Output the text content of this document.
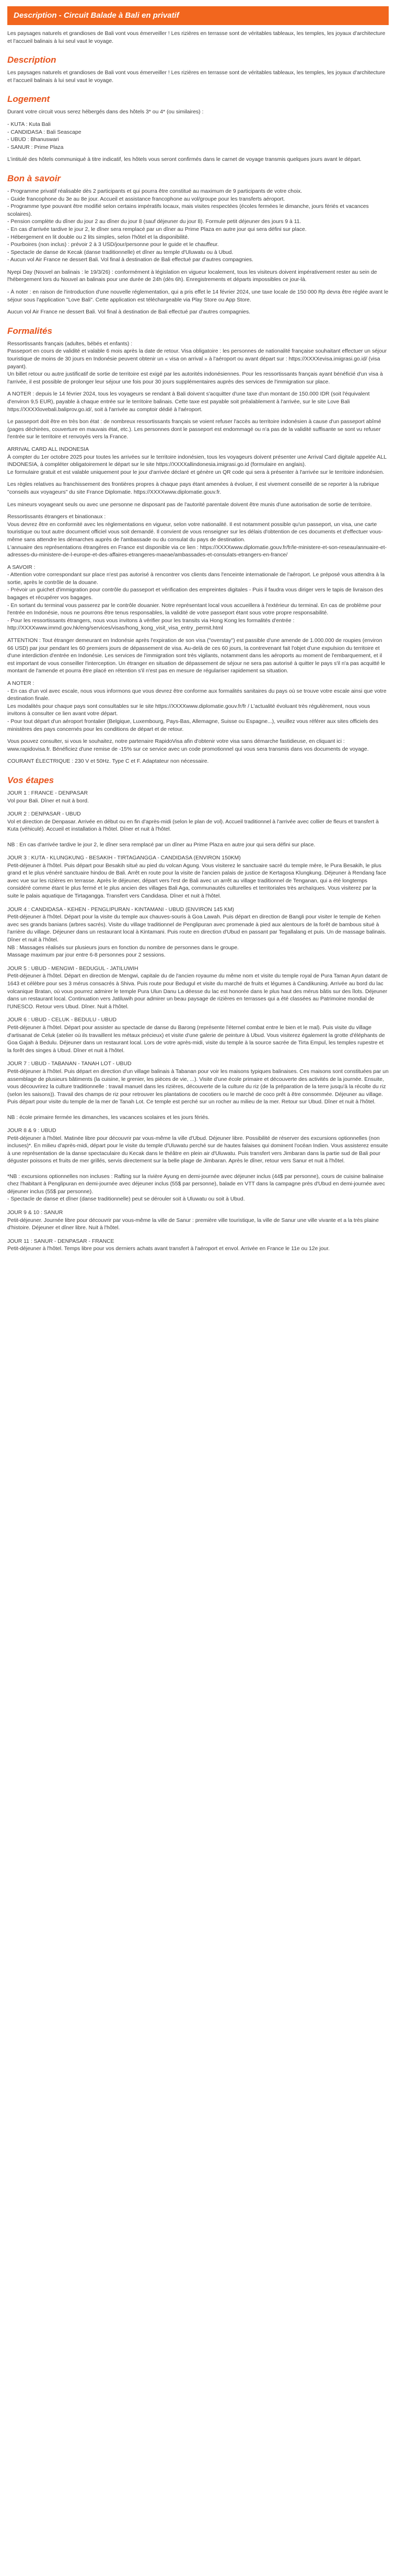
Description - Circuit Balade à Bali en privatif

Les paysages naturels et grandioses de Bali vont vous émerveiller ! Les rizières en terrasse sont de véritables tableaux, les temples, les joyaux d'architecture et l'accueil balinais à lui seul vaut le voyage.

Description

Les paysages naturels et grandioses de Bali vont vous émerveiller ! Les rizières en terrasse sont de véritables tableaux, les temples, les joyaux d'architecture et l'accueil balinais à lui seul vaut le voyage.

Logement

Durant votre circuit vous serez hébergés dans des hôtels 3* ou 4* (ou similaires) :

- KUTA : Kuta Bali
- CANDIDASA : Bali Seascape
- UBUD : Bhanuswari
- SANUR : Prime Plaza

L'intitulé des hôtels communiqué à titre indicatif, les hôtels vous seront confirmés dans le carnet de voyage transmis quelques jours avant le départ.

Bon à savoir

- Programme privatif réalisable dès 2 participants et qui pourra être constitué au maximum de 9 participants de votre choix.
- Guide francophone du 3e au 8e jour. Accueil et assistance francophone au vol/groupe pour les transferts aéroport.
- Programme type pouvant être modifié selon certains impératifs locaux, mais visites respectées (écoles fermées le dimanche, jours fériés et vacances scolaires).
- Pension complète du dîner du jour 2 au dîner du jour 8 (sauf déjeuner du jour 8). Formule petit déjeuner des jours 9 à 11.
- En cas d'arrivée tardive le jour 2, le dîner sera remplacé par un dîner au Prime Plaza en autre jour qui sera défini sur place.
- Hébergement en lit double ou 2 lits simples, selon l'hôtel et la disponibilité.
- Pourboires (non inclus) : prévoir 2 à 3 USD/jour/personne pour le guide et le chauffeur.
- Spectacle de danse de Kecak (danse traditionnelle) et dîner au temple d'Uluwatu ou à Ubud.
- Aucun vol Air France ne dessert Bali. Vol final à destination de Bali effectué par d'autres compagnies.

Nyepi Day (Nouvel an balinais : le 19/3/26) : conformément à législation en vigueur localement, tous les visiteurs doivent impérativement rester au sein de l'hébergement lors du Nouvel an balinais pour une durée de 24h (dès 6h). Enregistrements et départs impossibles ce jour-là.

- À noter : en raison de l'introduction d'une nouvelle réglementation, qui a pris effet le 14 février 2024, une taxe locale de 150 000 Rp devra être réglée avant le séjour sous l'application "Love Bali". Cette application est téléchargeable via Play Store ou App Store.

Aucun vol Air France ne dessert Bali. Vol final à destination de Bali effectué par d'autres compagnies.

Formalités

Ressortissants français (adultes, bébés et enfants) :
Passeport en cours de validité et valable 6 mois après la date de retour. Visa obligatoire : les personnes de nationalité française souhaitant effectuer un séjour touristique de moins de 30 jours en Indonésie peuvent obtenir un « visa on arrival » à l'aéroport ou avant départ sur : https://XXXXevisa.imigrasi.go.id/ (visa payant).
Un billet retour ou autre justificatif de sortie de territoire est exigé par les autorités indonésiennes. Pour les ressortissants français ayant bénéficié d'un visa à l'arrivée, il est possible de prolonger leur séjour une fois pour 30 jours supplémentaires auprès des services de l'immigration sur place.

A NOTER : depuis le 14 février 2024, tous les voyageurs se rendant à Bali doivent s'acquitter d'une taxe d'un montant de 150.000 IDR (soit l'équivalent d'environ 9,5 EUR), payable à chaque entrée sur le territoire balinais. Cette taxe est payable soit préalablement à l'arrivée, sur le site Love Bali https://XXXXlovebali.baliprov.go.id/, soit à l'arrivée au comptoir dédié à l'aéroport.

Le passeport doit être en très bon état : de nombreux ressortissants français se voient refuser l'accès au territoire indonésien à cause d'un passeport abîmé (pages déchirées, couverture en mauvais état, etc.). Les personnes dont le passeport est endommagé ou n'a pas de la validité suffisante se sont vu refuser l'entrée sur le territoire et renvoyés vers la France.

ARRIVAL CARD ALL INDONESIA
À compter du 1er octobre 2025 pour toutes les arrivées sur le territoire indonésien, tous les voyageurs doivent présenter une Arrival Card digitale appelée ALL INDONESIA, à compléter obligatoirement le départ sur le site https://XXXXallindonesia.imigrasi.go.id (formulaire en anglais).
Le formulaire gratuit et est valable uniquement pour le jour d'arrivée déclaré et génère un QR code qui sera à présenter à l'arrivée sur le territoire indonésien.

Les règles relatives au franchissement des frontières propres à chaque pays étant amenées à évoluer, il est vivement conseillé de se reporter à la rubrique "conseils aux voyageurs" du site France Diplomatie. https://XXXXwww.diplomatie.gouv.fr.

Les mineurs voyageant seuls ou avec une personne ne disposant pas de l'autorité parentale doivent être munis d'une autorisation de sortie de territoire.

Ressortissants étrangers et binationaux :
Vous devrez être en conformité avec les réglementations en vigueur, selon votre nationalité. Il est notamment possible qu'un passeport, un visa, une carte touristique ou tout autre document officiel vous soit demandé. Il convient de vous renseigner sur les délais d'obtention de ces documents et d'effectuer vous-même sans attendre les démarches auprès de l'ambassade ou du consulat du pays de destination.
L'annuaire des représentations étrangères en France est disponible via ce lien : https://XXXXwww.diplomatie.gouv.fr/fr/le-ministere-et-son-reseau/annuaire-et-adresses-du-ministere-de-l-europe-et-des-affaires-etrangeres-maeae/ambassades-et-consulats-etrangers-en-france/

A SAVOIR :
- Attention votre correspondant sur place n'est pas autorisé à rencontrer vos clients dans l'enceinte internationale de l'aéroport. Le préposé vous attendra à la sortie, après le contrôle de la douane.
- Prévoir un guichet d'immigration pour contrôle du passeport et vérification des empreintes digitales - Puis il faudra vous diriger vers le tapis de livraison des bagages et récupérer vos bagages.
- En sortant du terminal vous passerez par le contrôle douanier. Notre représentant local vous accueillera à l'extérieur du terminal. En cas de problème pour l'entrée en Indonésie, nous ne pourrons être tenus responsables, la validité de votre passeport étant sous votre propre responsabilité.
- Pour les ressortissants étrangers, nous vous invitons à vérifier pour les transits via Hong Kong les formalités d'entrée : http://XXXXwww.immd.gov.hk/eng/services/visas/hong_kong_visit_visa_entry_permit.html

ATTENTION : Tout étranger demeurant en Indonésie après l'expiration de son visa ("overstay") est passible d'une amende de 1.000.000 de roupies (environ 66 USD) par jour pendant les 60 premiers jours de dépassement de visa. Au-delà de ces 60 jours, la contrevenant fait l'objet d'une expulsion du territoire et d'une interdiction d'entrée en Indonésie. Les services de l'immigration sont très vigilants, notamment dans les aéroports au moment de l'embarquement, et il est important de vous conseiller l'interception. Un étranger en situation de dépassement de séjour ne sera pas autorisé à quitter le pays s'il n'a pas acquitté le montant de l'amende et pourra être placé en rétention s'il n'est pas en mesure de régulariser rapidement sa situation.

A NOTER :
- En cas d'un vol avec escale, nous vous informons que vous devrez être conforme aux formalités sanitaires du pays où se trouve votre escale ainsi que votre destination finale.
Les modalités pour chaque pays sont consultables sur le site https://XXXXwww.diplomatie.gouv.fr/fr / L'actualité évoluant très régulièrement, nous vous invitons à consulter ce lien avant votre départ.
- Pour tout départ d'un aéroport frontalier (Belgique, Luxembourg, Pays-Bas, Allemagne, Suisse ou Espagne...), veuillez vous référer aux sites officiels des ministères des pays concernés pour les conditions de départ et de retour.

Vous pouvez consulter, si vous le souhaitez, notre partenaire RapidoVisa afin d'obtenir votre visa sans démarche fastidieuse, en cliquant ici : www.rapidovisa.fr. Bénéficiez d'une remise de -15% sur ce service avec un code promotionnel qui vous sera transmis dans vos documents de voyage.

COURANT ÉLECTRIQUE : 230 V et 50Hz. Type C et F. Adaptateur non nécessaire.

Vos étapes
JOUR 1 : FRANCE - DENPASAR

Vol pour Bali. Dîner et nuit à bord.

JOUR 2 : DENPASAR - UBUD

Vol et direction de Denpasar. Arrivée en début ou en fin d'après-midi (selon le plan de vol). Accueil traditionnel à l'arrivée avec collier de fleurs et transfert à Kuta (véhiculé). Accueil et installation à l'hôtel. Dîner et nuit à l'hôtel.

NB : En cas d'arrivée tardive le jour 2, le dîner sera remplacé par un dîner au Prime Plaza en autre jour qui sera défini sur place.

JOUR 3 : KUTA - KLUNGKUNG - BESAKIH - TIRTAGANGGA - CANDIDASA (ENVIRON 150KM)

Petit-déjeuner à l'hôtel. Puis départ pour Besakih situé au pied du volcan Agung. Vous visiterez le sanctuaire sacré du temple mère, le Pura Besakih, le plus grand et le plus vénéré sanctuaire hindou de Bali. Arrêt en route pour la visite de l'ancien palais de justice de Kertagosa Klungkung. Déjeuner à Rendang face avec vue sur les rizières en terrasse. Après le déjeuner, départ vers l'est de Bali avec un arrêt au village traditionnel de Tenganan, qui a été longtemps considéré comme étant le plus fermé et le plus ancien des villages Bali Aga, communautés culturelles et territoriales très archaïques. Vous visiterez par la suite le palais aquatique de Tirtagangga. Transfert vers Candidasa. Dîner et nuit à l'hôtel.

JOUR 4 : CANDIDASA - KEHEN - PENGLIPURAN - KINTAMANI - UBUD (ENVIRON 145 KM)

Petit-déjeuner à l'hôtel. Départ pour la visite du temple aux chauves-souris à Goa Lawah. Puis départ en direction de Bangli pour visiter le temple de Kehen avec ses grands banians (arbres sacrés). Visite du village traditionnel de Penglipuran avec promenade à pied aux alentours de la forêt de bambous situé à l'arrière du village. Déjeuner dans un restaurant local à Kintamani. Puis route en direction d'Ubud en passant par Tegallalang et puis. Un de massage balinais. Dîner et nuit à l'hôtel.
NB : Massages réalisés sur plusieurs jours en fonction du nombre de personnes dans le groupe.
Massage maximum par jour entre 6-8 personnes pour 2 sessions.

JOUR 5 : UBUD - MENGWI - BEDUGUL - JATILUWIH

Petit-déjeuner à l'hôtel. Départ en direction de Mengwi, capitale du de l'ancien royaume du même nom et visite du temple royal de Pura Taman Ayun datant de 1643 et célèbre pour ses 3 mérus consacrés à Shiva. Puis route pour Bedugul et visite du marché de fruits et légumes à Candikuning. Arrivée au bord du lac volcanique Bratan, où vous pourrez admirer le temple Pura Ulun Danu La déesse du lac est honorée dans le plus haut des mérus bâtis sur des îlots. Déjeuner dans un restaurant local. Continuation vers Jatiluwih pour admirer un beau paysage de rizières en terrasses qui a été classées au Patrimoine mondial de l'UNESCO. Retour vers Ubud. Dîner. Nuit à l'hôtel.

JOUR 6 : UBUD - CELUK - BEDULU - UBUD

Petit-déjeuner à l'hôtel. Départ pour assister au spectacle de danse du Barong (représente l'éternel combat entre le bien et le mal). Puis visite du village d'artisanat de Celuk (atelier où ils travaillent les métaux précieux) et visite d'une galerie de peinture à Ubud. Vous visiterez également la grotte d'éléphants de Goa Gajah à Bedulu. Déjeuner dans un restaurant local. Lors de votre après-midi, visite du temple à la source sacrée de Tirta Empul, les temples rupestre et la forêt des singes à Ubud. Dîner et nuit à l'hôtel.

JOUR 7 : UBUD - TABANAN - TANAH LOT - UBUD

Petit-déjeuner à l'hôtel. Puis départ en direction d'un village balinais à Tabanan pour voir les maisons typiques balinaises. Ces maisons sont constituées par un assemblage de plusieurs bâtiments (la cuisine, le grenier, les pièces de vie, ...). Visite d'une école primaire et découverte des activités de la journée. Ensuite, vous découvrirez la culture traditionnelle : travail manuel dans les rizières, découverte de la culture du riz (de la préparation de la terre jusqu'à la récolte du riz (selon les saisons)). Travail des champs de riz pour retrouver les plantations de cocotiers ou le marché de coco prêt à être consommée. Déjeuner au village. Puis départ pour visite du temple de la mer de Tanah Lot. Ce temple est perché sur un rocher au milieu de la mer. Retour sur Ubud. Dîner et nuit à l'hôtel.

NB : école primaire fermée les dimanches, les vacances scolaires et les jours fériés.

JOUR 8 & 9 : UBUD

Petit-déjeuner à l'hôtel. Matinée libre pour découvrir par vous-même la ville d'Ubud. Déjeuner libre. Possibilité de réserver des excursions optionnelles (non incluses)*. En milieu d'après-midi, départ pour le visite du temple d'Uluwatu perché sur de hautes falaises qui dominent l'océan Indien. Vous assisterez ensuite à une représentation de la danse spectaculaire du Kecak dans le théâtre en plein air d'Uluwatu. Puis transfert vers Jimbaran dans la partie sud de Bali pour déguster poissons et fruits de mer grillés, servis directement sur la belle plage de Jimbaran. Après le dîner, retour vers Sanur et nuit à l'hôtel.

*NB : excursions optionnelles non incluses : Rafting sur la rivière Ayung en demi-journée avec déjeuner inclus (44$ par personne), cours de cuisine balinaise chez l'habitant à Penglipuran en demi-journée avec déjeuner inclus (55$ par personne), balade en VTT dans la campagne près d'Ubud en demi-journée avec déjeuner inclus (55$ par personne).
- Spectacle de danse et dîner (danse traditionnelle) peut se dérouler soit à Uluwatu ou soit à Ubud.

JOUR 9 & 10 : SANUR

Petit-déjeuner. Journée libre pour découvrir par vous-même la ville de Sanur : première ville touristique, la ville de Sanur une ville vivante et a la très plaine d'histoire. Déjeuner et dîner libre. Nuit à l'hôtel.

JOUR 11 : SANUR - DENPASAR - FRANCE

Petit-déjeuner à l'hôtel. Temps libre pour vos derniers achats avant transfert à l'aéroport et envol. Arrivée en France le 11e ou 12e jour.
